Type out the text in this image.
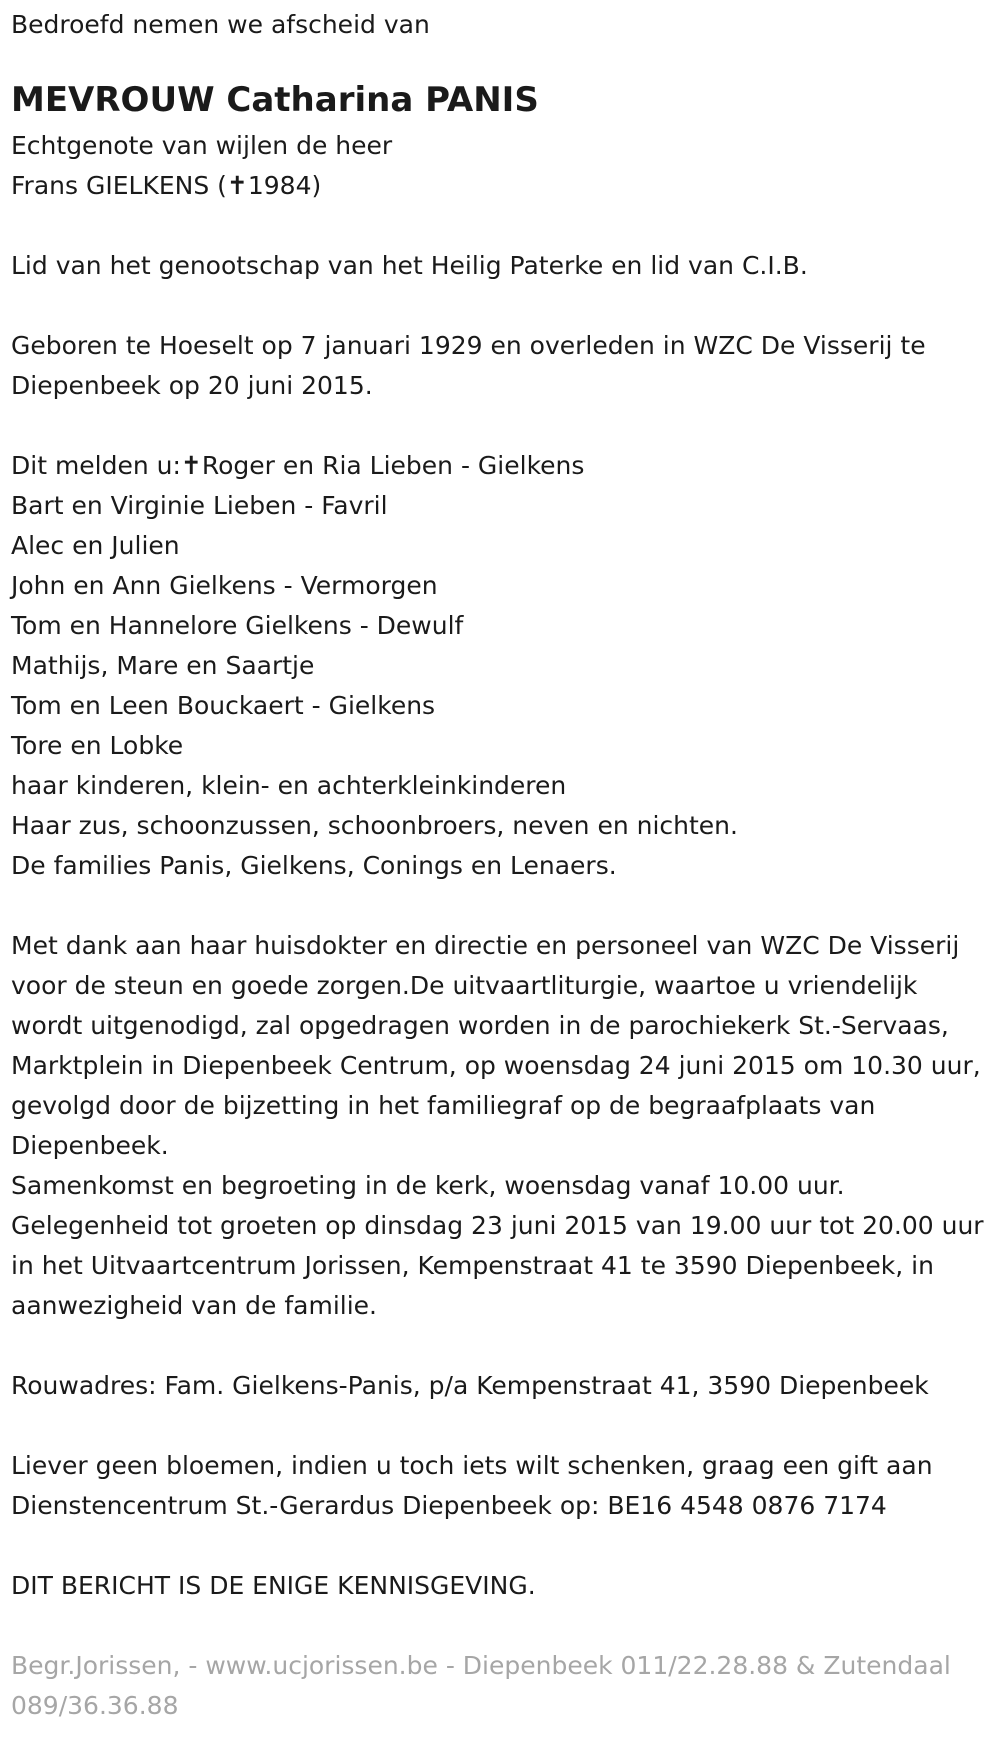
Bedroefd nemen we afscheid van

MEVROUW Catharina PANIS

Echtgenote van wijlen de heer

Frans GIELKENS (✝1984)

Lid van het genootschap van het Heilig Paterke en lid van C.I.B.

Geboren te Hoeselt op 7 januari 1929 en overleden in WZC De Visserij te Diepenbeek op 20 juni 2015.

Dit melden u:✝Roger en Ria Lieben - Gielkens

Bart en Virginie Lieben - Favril

Alec en Julien

John en Ann Gielkens - Vermorgen

Tom en Hannelore Gielkens - Dewulf

Mathijs, Mare en Saartje

Tom en Leen Bouckaert - Gielkens

Tore en Lobke

haar kinderen, klein- en achterkleinkinderen

Haar zus, schoonzussen, schoonbroers, neven en nichten.

De families Panis, Gielkens, Conings en Lenaers.

Met dank aan haar huisdokter en directie en personeel van WZC De Visserij voor de steun en goede zorgen.De uitvaartliturgie, waartoe u vriendelijk wordt uitgenodigd, zal opgedragen worden in de parochiekerk St.-Servaas, Marktplein in Diepenbeek Centrum, op woensdag 24 juni 2015 om 10.30 uur, gevolgd door de bijzetting in het familiegraf op de begraafplaats van Diepenbeek.

Samenkomst en begroeting in de kerk, woensdag vanaf 10.00 uur.

Gelegenheid tot groeten op dinsdag 23 juni 2015 van 19.00 uur tot 20.00 uur in het Uitvaartcentrum Jorissen, Kempenstraat 41 te 3590 Diepenbeek, in aanwezigheid van de familie.

Rouwadres: Fam. Gielkens-Panis, p/a Kempenstraat 41, 3590 Diepenbeek

Liever geen bloemen, indien u toch iets wilt schenken, graag een gift aan Dienstencentrum St.-Gerardus Diepenbeek op: BE16 4548 0876 7174

DIT BERICHT IS DE ENIGE KENNISGEVING.

Begr.Jorissen, - www.ucjorissen.be - Diepenbeek 011/22.28.88 & Zutendaal 089/36.36.88
